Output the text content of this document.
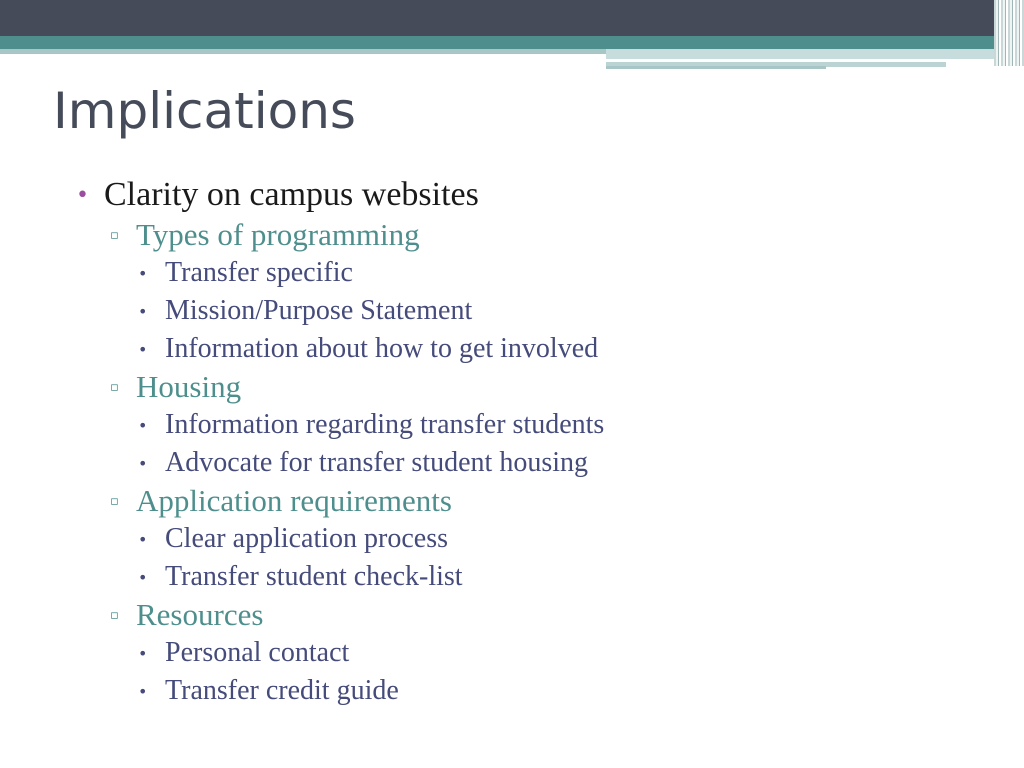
Implications
• Clarity on campus websites
▫ Types of programming
• Transfer specific
• Mission/Purpose Statement
• Information about how to get involved
▫ Housing
• Information regarding transfer students
• Advocate for transfer student housing
▫ Application requirements
• Clear application process
• Transfer student check-list
▫ Resources
• Personal contact
• Transfer credit guide
